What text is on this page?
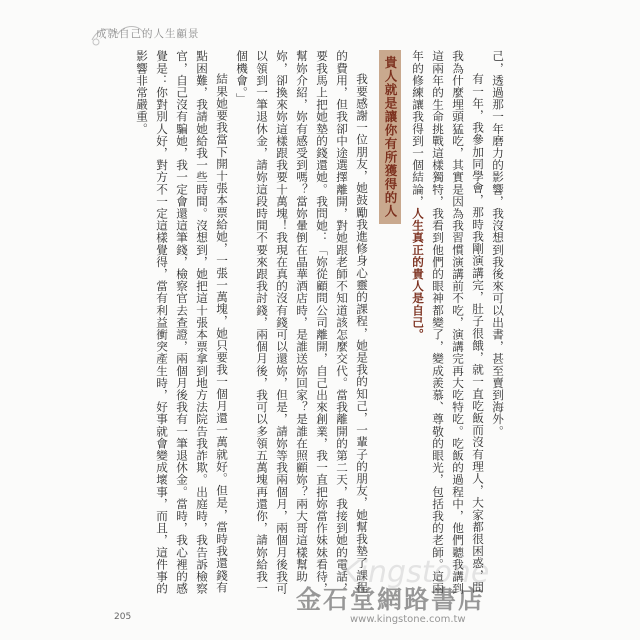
成就自己的人生顧景

己，透過那一年磨力的影響，我沒想到我後來可以出書，甚至賣到海外。

有一年，我參加同學會，那時我剛演講完，肚子很餓，就一直吃飯而沒有理人，大家都很困惑，問我為什麼埋頭猛吃，其實是因為我習慣演講前不吃，演講完再大吃特吃。吃飯的過程中，他們聽我講到這兩年的生命挑戰這樣獨特，我看到他們的眼神都變了，變成羨慕、尊敬的眼光，包括我的老師。這兩年的修練讓我得到一個結論，人生真正的貴人是自己。

貴人就是讓你有所獲得的人

我要感謝一位朋友，她鼓勵我進修身心靈的課程，她是我的知己，一輩子的朋友，她幫我墊了課程的費用，但我卻中途選擇離開，對她跟老師不知道該怎麼交代。當我離開的第二天，我接到她的電話，要我馬上把她墊的錢還她。我問她：「妳從顧問公司離開，自己出來創業，我一直把妳當作妹妹看待，幫妳介紹，妳有感受到嗎？當妳暈倒在晶華酒店時，是誰送妳回家？是誰在照顧妳？兩大哥這樣幫助妳，卻換來妳這樣跟我要十萬塊！我現在真的沒有錢可以還妳，但是，請妳等我兩個月，兩個月後我可以領到一筆退休金，請妳這段時間不要來跟我討錢，兩個月後，我可以多領五萬塊再還你，請妳給我一個機會。」

結果她要我當下開十張本票給她，一張一萬塊，她只要我一個月還一萬就好。但是，當時我還錢有點困難，我請她給我一些時間。沒想到，她把這十張本票拿到地方法院告我詐欺。出庭時，我告訴檢察官，自己沒有騙她，我一定會還這筆錢，檢察官去查證，兩個月後我有一筆退休金。當時，我心裡的感覺是：你對別人好，對方不一定這樣覺得，當有利益衝突產生時，好事就會變成壞事，而且，這件事的影響非常嚴重。

205
Kingstone
金石堂網路書店
www.kingstone.com.tw
